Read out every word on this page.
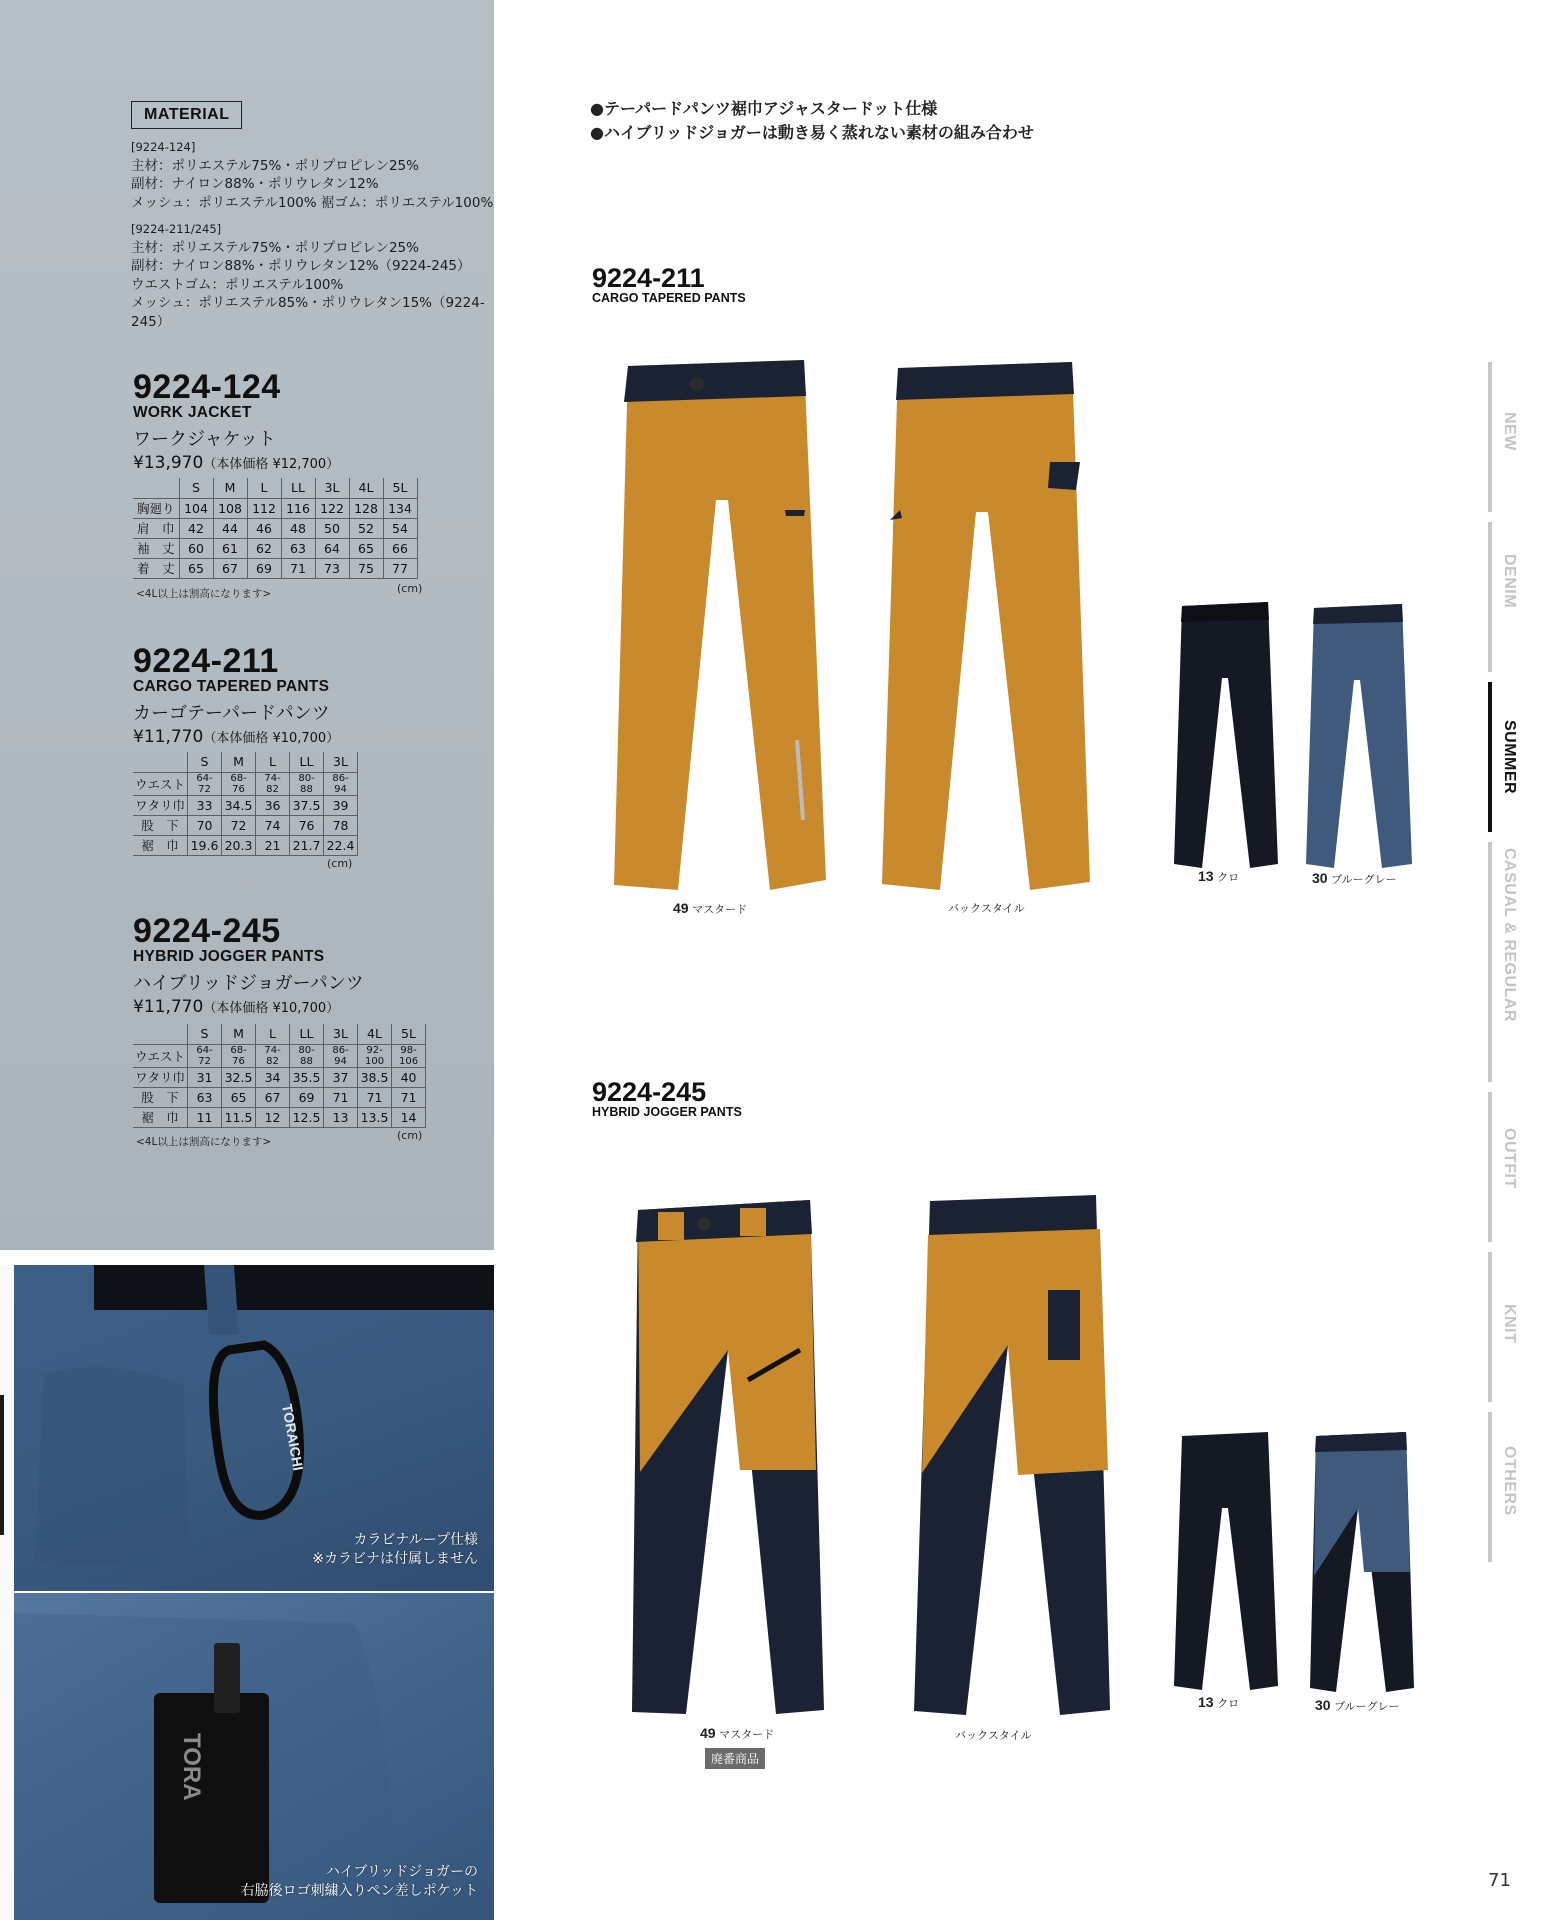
MATERIAL
[9224-124]
主材：ポリエステル75%・ポリプロピレン25%
副材：ナイロン88%・ポリウレタン12%
メッシュ：ポリエステル100% 裾ゴム：ポリエステル100%
[9224-211/245]
主材：ポリエステル75%・ポリプロピレン25%
副材：ナイロン88%・ポリウレタン12%（9224-245）
ウエストゴム：ポリエステル100%
メッシュ：ポリエステル85%・ポリウレタン15%（9224-245）
9224-124
WORK JACKET
ワークジャケット
¥13,970（本体価格 ¥12,700）
	S	M	L	LL	3L	4L	5L
胸廻り	104	108	112	116	122	128	134
肩　巾	42	44	46	48	50	52	54
袖　丈	60	61	62	63	64	65	66
着　丈	65	67	69	71	73	75	77
<4L以上は割高になります>	(cm)
9224-211
CARGO TAPERED PANTS
カーゴテーパードパンツ
¥11,770（本体価格 ¥10,700）
	S	M	L	LL	3L
ウエスト	64-72	68-76	74-82	80-88	86-94
ワタリ巾	33	34.5	36	37.5	39
股　下	70	72	74	76	78
裾　巾	19.6	20.3	21	21.7	22.4
(cm)
9224-245
HYBRID JOGGER PANTS
ハイブリッドジョガーパンツ
¥11,770（本体価格 ¥10,700）
	S	M	L	LL	3L	4L	5L
ウエスト	64-72	68-76	74-82	80-88	86-94	92-100	98-106
ワタリ巾	31	32.5	34	35.5	37	38.5	40
股　下	63	65	67	69	71	71	71
裾　巾	11	11.5	12	12.5	13	13.5	14
<4L以上は割高になります>	(cm)
TORAICHI
カラビナループ仕様
※カラビナは付属しません
TORA
ハイブリッドジョガーの
右脇後ロゴ刺繍入りペン差しポケット
●テーパードパンツ裾巾アジャスタードット仕様
●ハイブリッドジョガーは動き易く蒸れない素材の組み合わせ
9224-211
CARGO TAPERED PANTS
49 マスタード	バックスタイル
13 クロ	30 ブルーグレー
9224-245
HYBRID JOGGER PANTS
49 マスタード	バックスタイル
13 クロ	30 ブルーグレー
廃番商品
NEW
DENIM
SUMMER
CASUAL & REGULAR
OUTFIT
KNIT
OTHERS
71
